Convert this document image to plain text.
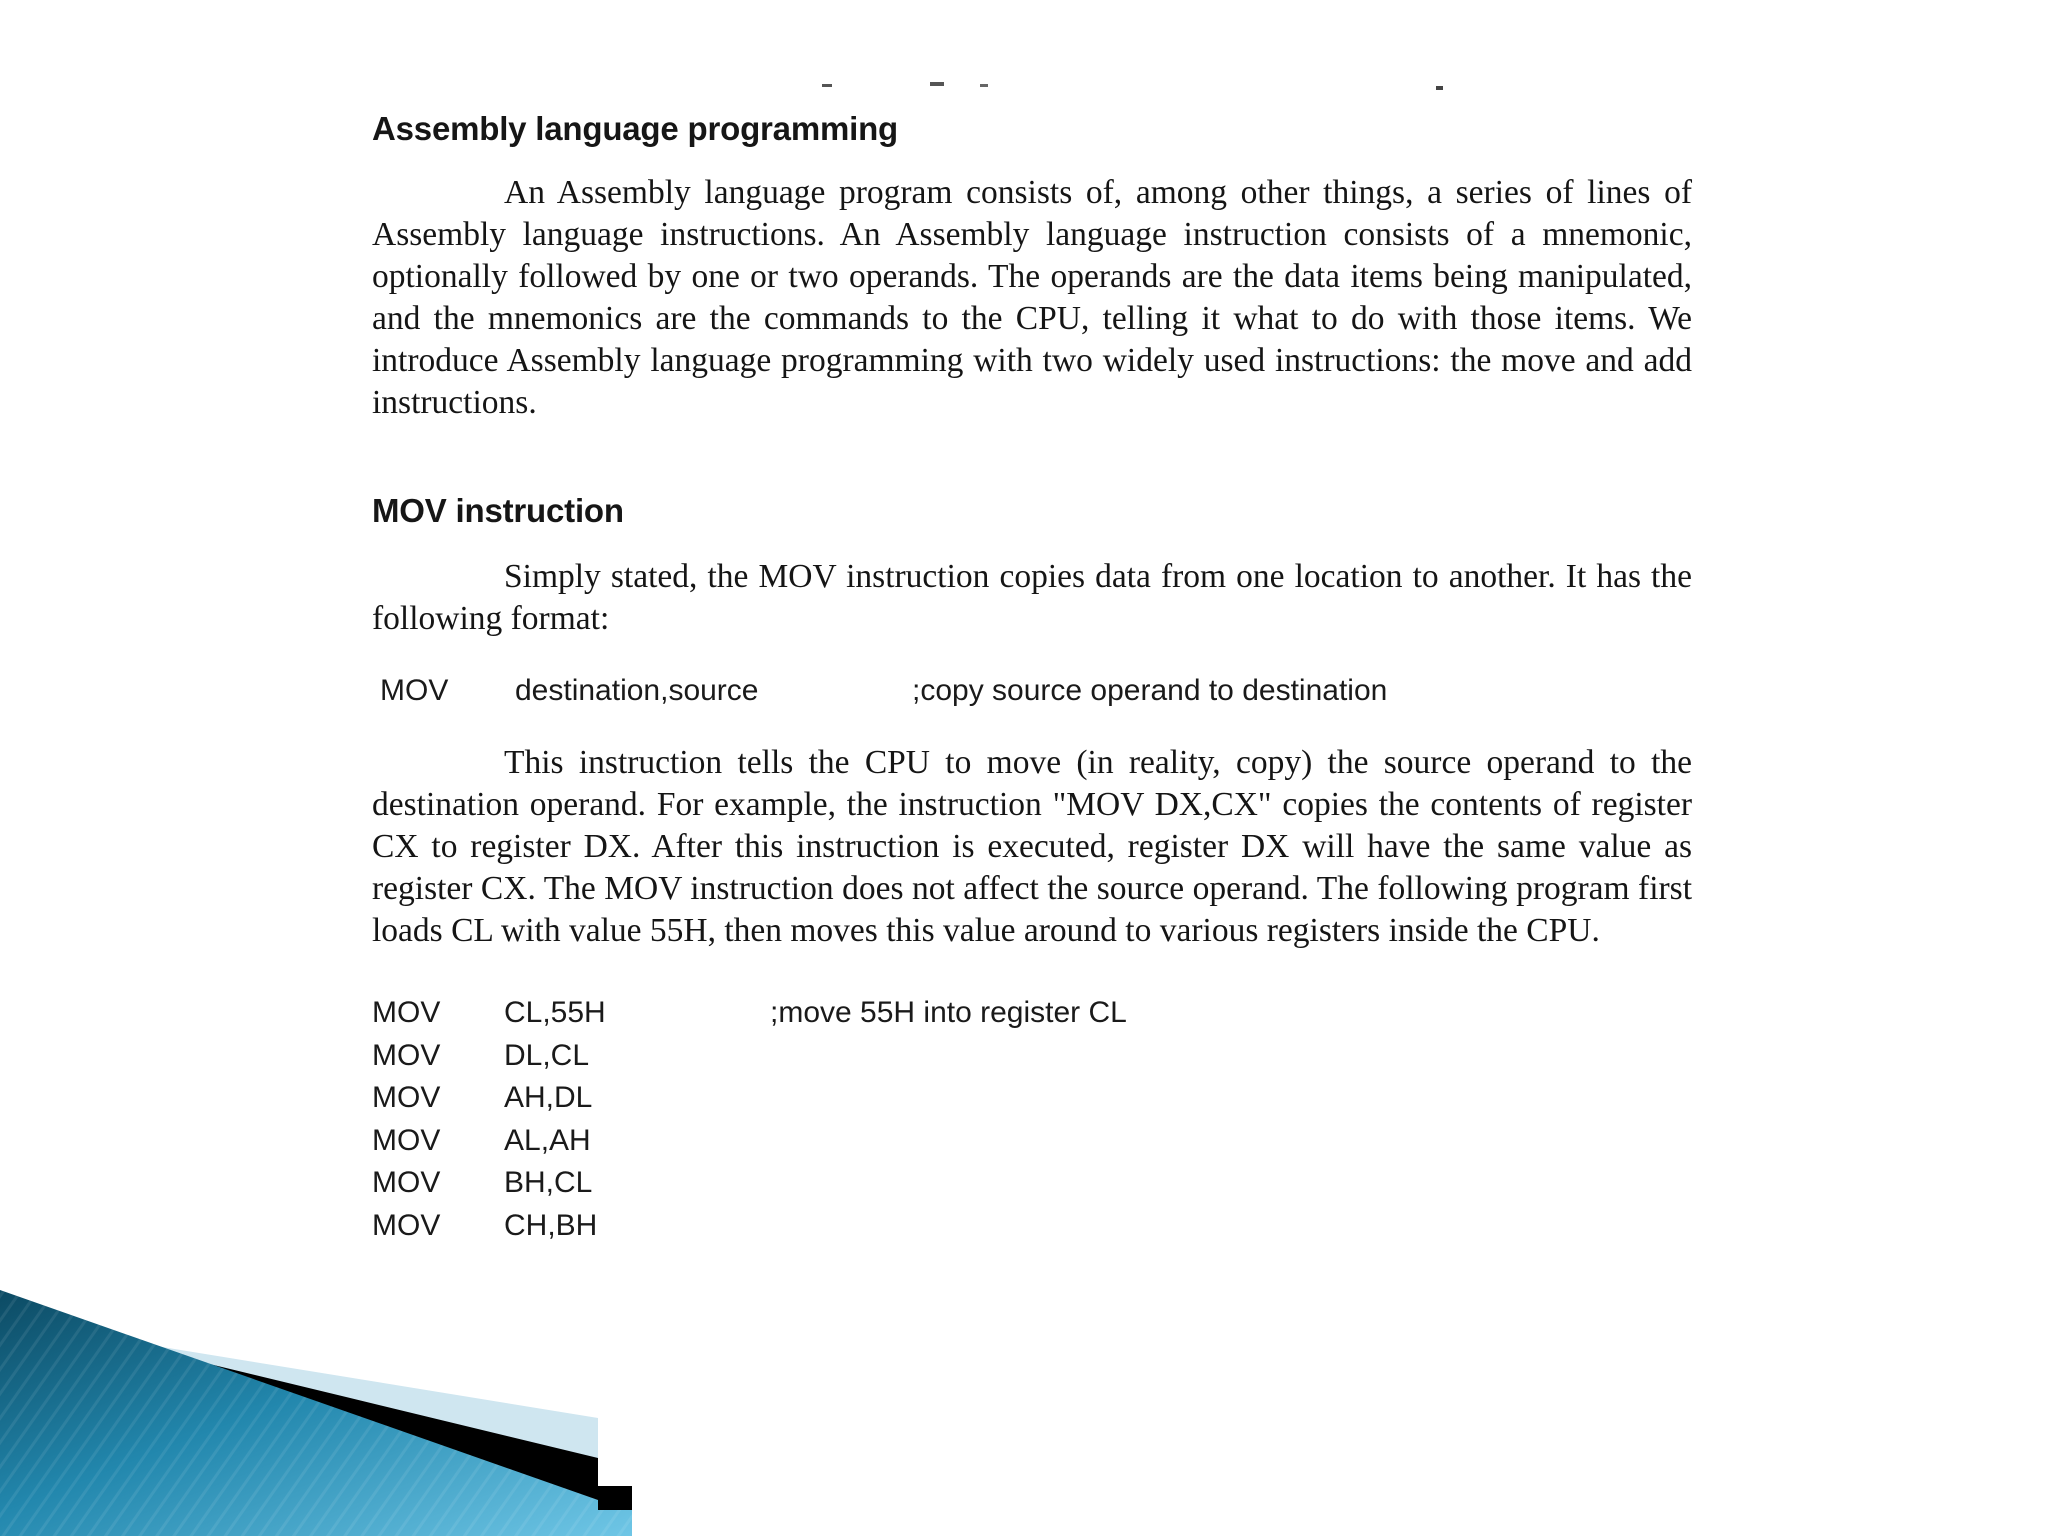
Assembly language programming

An Assembly language program consists of, among other things, a series of lines of Assembly language instructions. An Assembly language instruction consists of a mnemonic, optionally followed by one or two operands. The operands are the data items being manipulated, and the mnemonics are the commands to the CPU, telling it what to do with those items. We introduce Assembly language programming with two widely used instructions: the move and add instructions.

MOV instruction

Simply stated, the MOV instruction copies data from one location to another. It has the following format:

MOV destination,source	;copy source operand to destination

This instruction tells the CPU to move (in reality, copy) the source operand to the destination operand. For example, the instruction "MOV DX,CX" copies the contents of register CX to register DX. After this instruction is executed, register DX will have the same value as register CX. The MOV instruction does not affect the source operand. The following program first loads CL with value 55H, then moves this value around to various registers inside the CPU.

MOV CL,55H	;move 55H into register CL
MOV DL,CL
MOV AH,DL
MOV AL,AH
MOV BH,CL
MOV CH,BH
